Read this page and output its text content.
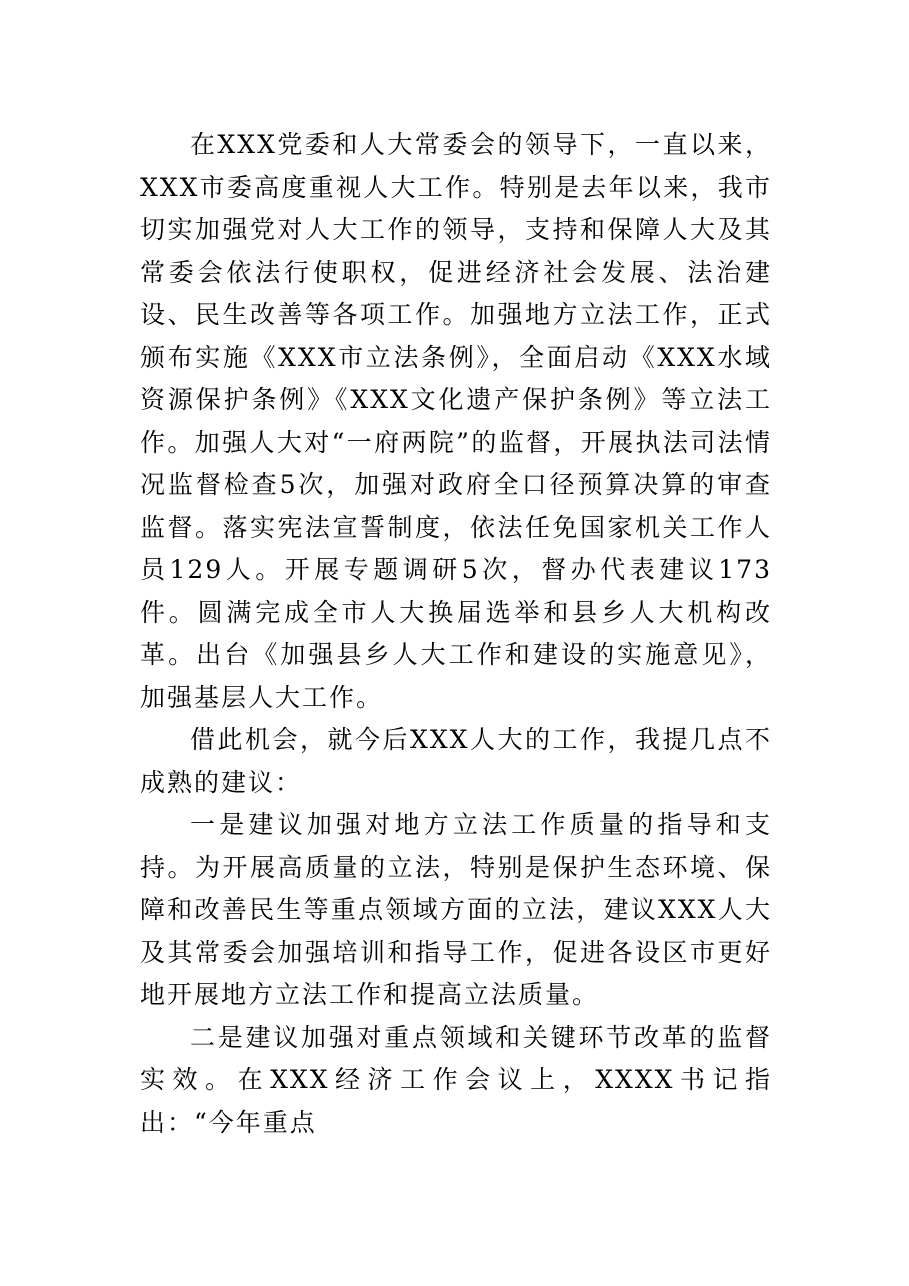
在XXX党委和人大常委会的领导下，一直以来，XXX市委高度重视人大工作。特别是去年以来，我市切实加强党对人大工作的领导，支持和保障人大及其常委会依法行使职权，促进经济社会发展、法治建设、民生改善等各项工作。加强地方立法工作，正式颁布实施《XXX市立法条例》，全面启动《XXX水域资源保护条例》《XXX文化遗产保护条例》等立法工作。加强人大对“一府两院”的监督，开展执法司法情况监督检查5次，加强对政府全口径预算决算的审查监督。落实宪法宣誓制度，依法任免国家机关工作人员129人。开展专题调研5次，督办代表建议173件。圆满完成全市人大换届选举和县乡人大机构改革。出台《加强县乡人大工作和建设的实施意见》，加强基层人大工作。

借此机会，就今后XXX人大的工作，我提几点不成熟的建议：

一是建议加强对地方立法工作质量的指导和支持。为开展高质量的立法，特别是保护生态环境、保障和改善民生等重点领域方面的立法，建议XXX人大及其常委会加强培训和指导工作，促进各设区市更好地开展地方立法工作和提高立法质量。

二是建议加强对重点领域和关键环节改革的监督实效。在XXX经济工作会议上，XXXX书记指出：“今年重点
